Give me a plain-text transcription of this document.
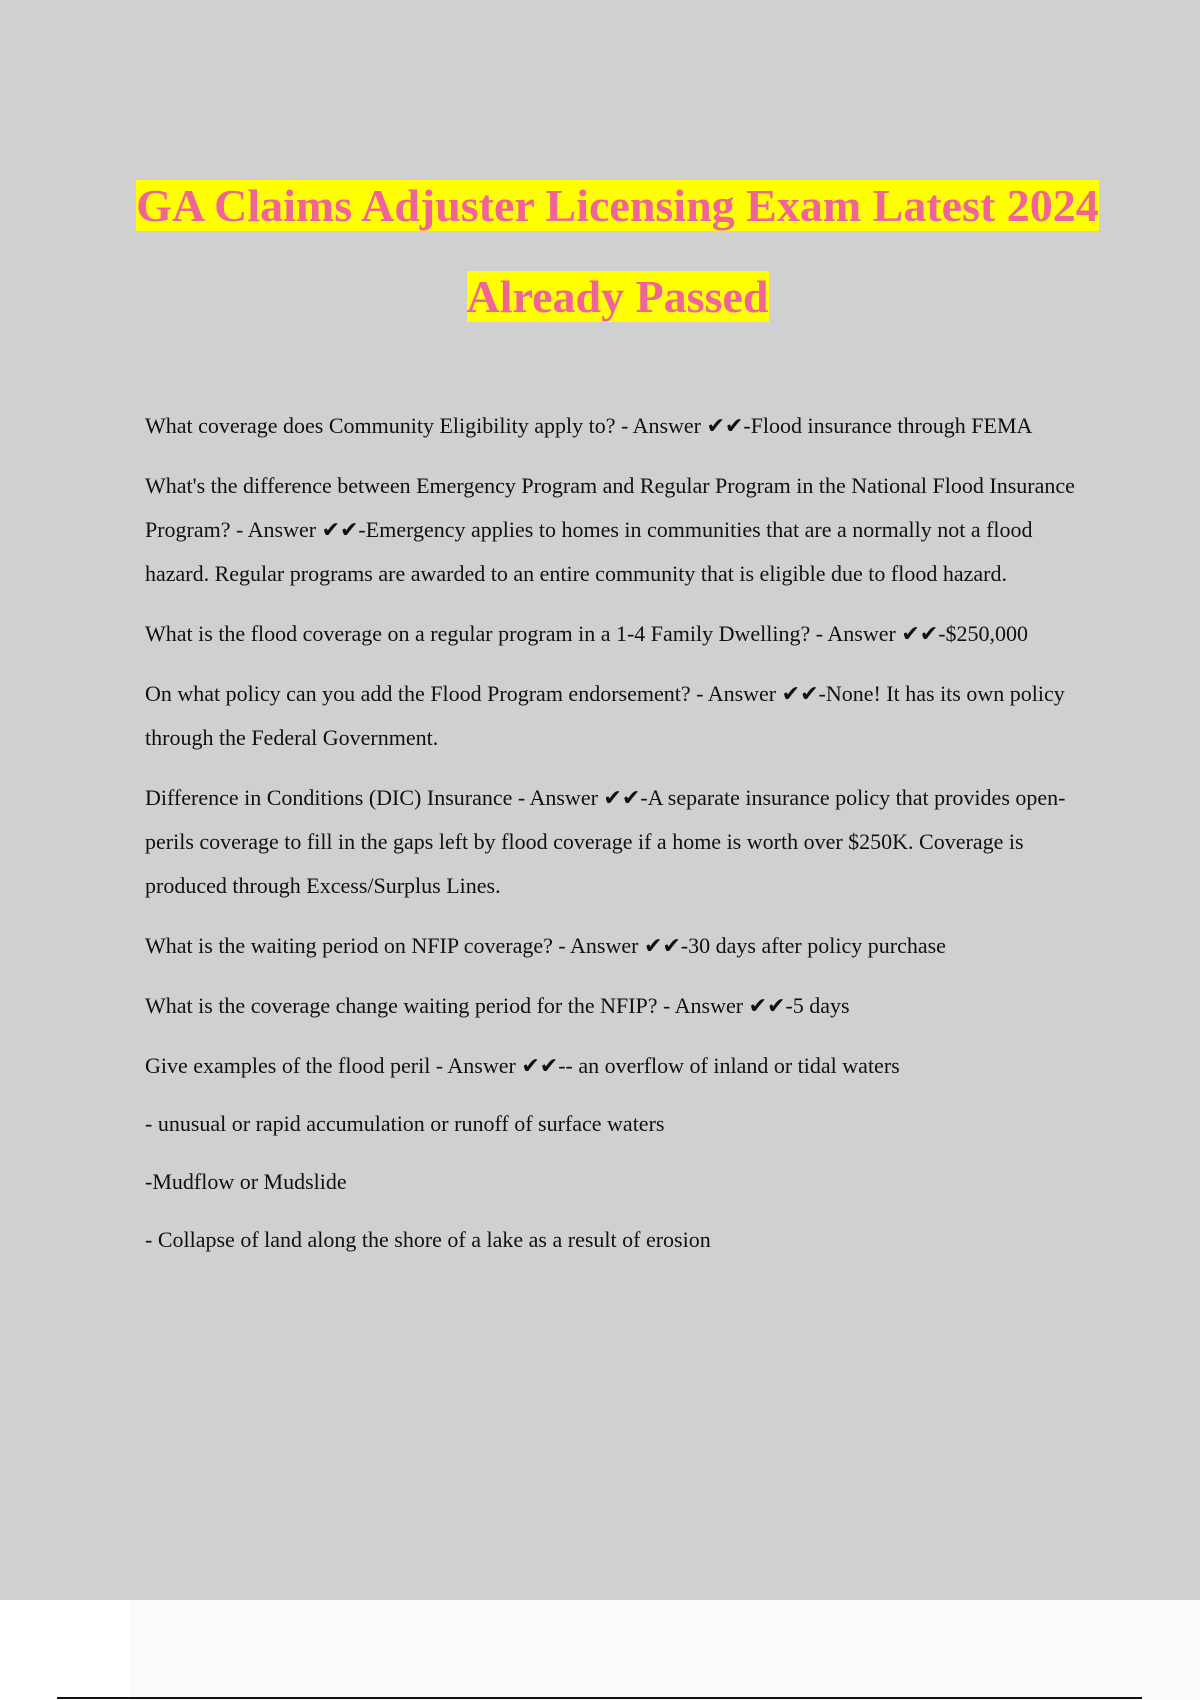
GA Claims Adjuster Licensing Exam Latest 2024 Already Passed

What coverage does Community Eligibility apply to? - Answer ✔✔-Flood insurance through FEMA

What's the difference between Emergency Program and Regular Program in the National Flood Insurance Program? - Answer ✔✔-Emergency applies to homes in communities that are a normally not a flood hazard. Regular programs are awarded to an entire community that is eligible due to flood hazard.

What is the flood coverage on a regular program in a 1-4 Family Dwelling? - Answer ✔✔-$250,000

On what policy can you add the Flood Program endorsement? - Answer ✔✔-None! It has its own policy through the Federal Government.

Difference in Conditions (DIC) Insurance - Answer ✔✔-A separate insurance policy that provides open-perils coverage to fill in the gaps left by flood coverage if a home is worth over $250K. Coverage is produced through Excess/Surplus Lines.

What is the waiting period on NFIP coverage? - Answer ✔✔-30 days after policy purchase

What is the coverage change waiting period for the NFIP? - Answer ✔✔-5 days

Give examples of the flood peril - Answer ✔✔-- an overflow of inland or tidal waters

- unusual or rapid accumulation or runoff of surface waters

-Mudflow or Mudslide

- Collapse of land along the shore of a lake as a result of erosion
